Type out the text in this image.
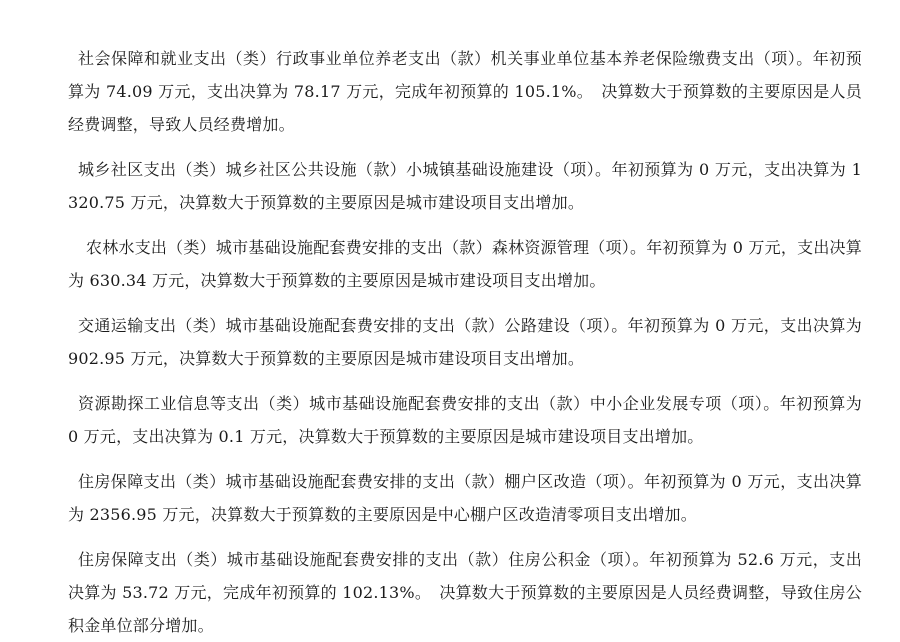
社会保障和就业支出（类）行政事业单位养老支出（款）机关事业单位基本养老保险缴费支出（项）。年初预算为 74.09 万元，支出决算为 78.17 万元，完成年初预算的 105.1%。　决算数大于预算数的主要原因是人员经费调整，导致人员经费增加。

城乡社区支出（类）城乡社区公共设施（款）小城镇基础设施建设（项）。年初预算为 0 万元，支出决算为 1320.75 万元，决算数大于预算数的主要原因是城市建设项目支出增加。

农林水支出（类）城市基础设施配套费安排的支出（款）森林资源管理（项）。年初预算为 0 万元，支出决算为 630.34 万元，决算数大于预算数的主要原因是城市建设项目支出增加。

交通运输支出（类）城市基础设施配套费安排的支出（款）公路建设（项）。年初预算为 0 万元，支出决算为 902.95 万元，决算数大于预算数的主要原因是城市建设项目支出增加。

资源勘探工业信息等支出（类）城市基础设施配套费安排的支出（款）中小企业发展专项（项）。年初预算为 0 万元，支出决算为 0.1 万元，决算数大于预算数的主要原因是城市建设项目支出增加。

住房保障支出（类）城市基础设施配套费安排的支出（款）棚户区改造（项）。年初预算为 0 万元，支出决算为 2356.95 万元，决算数大于预算数的主要原因是中心棚户区改造清零项目支出增加。

住房保障支出（类）城市基础设施配套费安排的支出（款）住房公积金（项）。年初预算为 52.6 万元，支出决算为 53.72 万元，完成年初预算的 102.13%。　决算数大于预算数的主要原因是人员经费调整，导致住房公积金单位部分增加。
